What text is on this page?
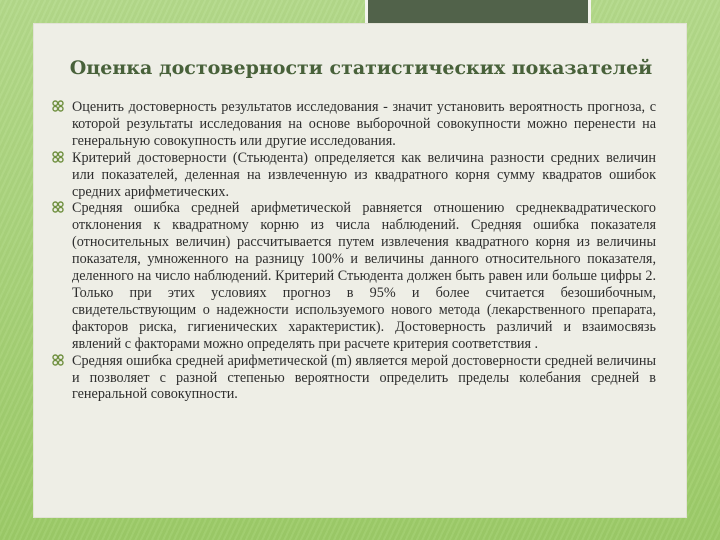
Оценка достоверности статистических показателей
Оценить достоверность результатов исследования - значит установить вероятность прогноза, с которой результаты исследования на основе выборочной совокупности можно перенести на генеральную совокупность или другие исследования.
Критерий достоверности (Стьюдента) определяется как величина разности средних величин или показателей, деленная на извлеченную из квадратного корня сумму квадратов ошибок средних арифметических.
Средняя ошибка средней арифметической равняется отношению среднеквадратического отклонения к квадратному корню из числа наблюдений. Средняя ошибка показателя (относительных величин) рассчитывается путем извлечения квадратного корня из величины показателя, умноженного на разницу 100% и величины данного относительного показателя, деленного на число наблюдений. Критерий Стьюдента должен быть равен или больше цифры 2. Только при этих условиях прогноз в 95% и более считается безошибочным, свидетельствующим о надежности используемого нового метода (лекарственного препарата, факторов риска, гигиенических характеристик). Достоверность различий и взаимосвязь явлений с факторами можно определять при расчете критерия соответствия .
Средняя ошибка средней арифметической (m) является мерой достоверности средней величины и позволяет с разной степенью вероятности определить пределы колебания средней в генеральной совокупности.
